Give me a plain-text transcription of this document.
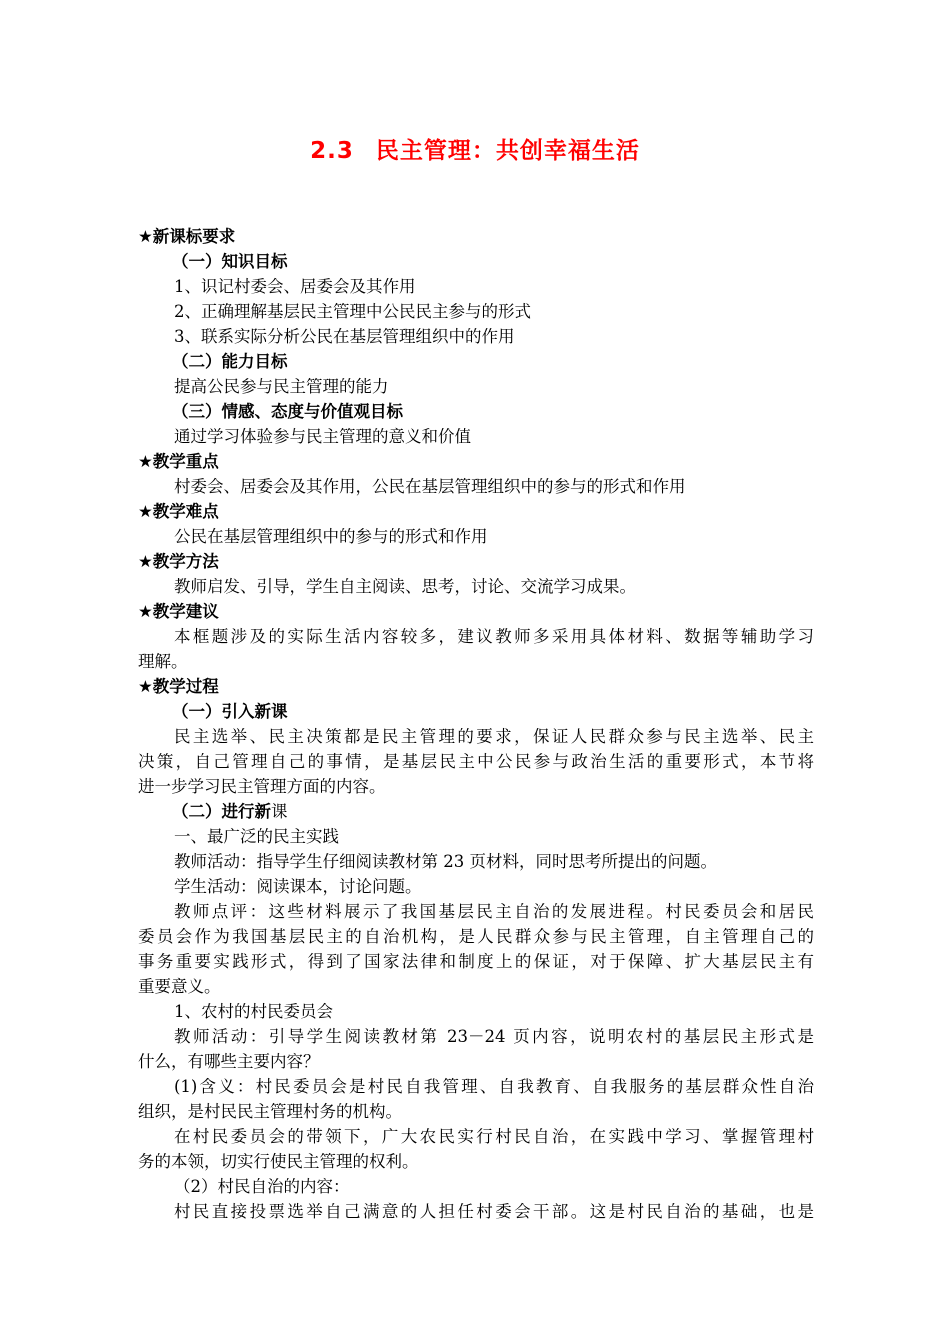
2.3 民主管理：共创幸福生活
★新课标要求
（一）知识目标
1、识记村委会、居委会及其作用
2、正确理解基层民主管理中公民民主参与的形式
3、联系实际分析公民在基层管理组织中的作用
（二）能力目标
提高公民参与民主管理的能力
（三）情感、态度与价值观目标
通过学习体验参与民主管理的意义和价值
★教学重点
村委会、居委会及其作用，公民在基层管理组织中的参与的形式和作用
★教学难点
公民在基层管理组织中的参与的形式和作用
★教学方法
教师启发、引导，学生自主阅读、思考，讨论、交流学习成果。
★教学建议
本框题涉及的实际生活内容较多，建议教师多采用具体材料、数据等辅助学习
理解。
★教学过程
（一）引入新课
民主选举、民主决策都是民主管理的要求，保证人民群众参与民主选举、民主
决策，自己管理自己的事情，是基层民主中公民参与政治生活的重要形式，本节将
进一步学习民主管理方面的内容。
（二）进行新课
一、最广泛的民主实践
教师活动：指导学生仔细阅读教材第 23 页材料，同时思考所提出的问题。
学生活动：阅读课本，讨论问题。
教师点评：这些材料展示了我国基层民主自治的发展进程。村民委员会和居民
委员会作为我国基层民主的自治机构，是人民群众参与民主管理，自主管理自己的
事务重要实践形式，得到了国家法律和制度上的保证，对于保障、扩大基层民主有
重要意义。
1、农村的村民委员会
教师活动：引导学生阅读教材第 23－24 页内容，说明农村的基层民主形式是
什么，有哪些主要内容？
(1)含义：村民委员会是村民自我管理、自我教育、自我服务的基层群众性自治
组织，是村民民主管理村务的机构。
在村民委员会的带领下，广大农民实行村民自治，在实践中学习、掌握管理村
务的本领，切实行使民主管理的权利。
（2）村民自治的内容：
村民直接投票选举自己满意的人担任村委会干部。这是村民自治的基础，也是
